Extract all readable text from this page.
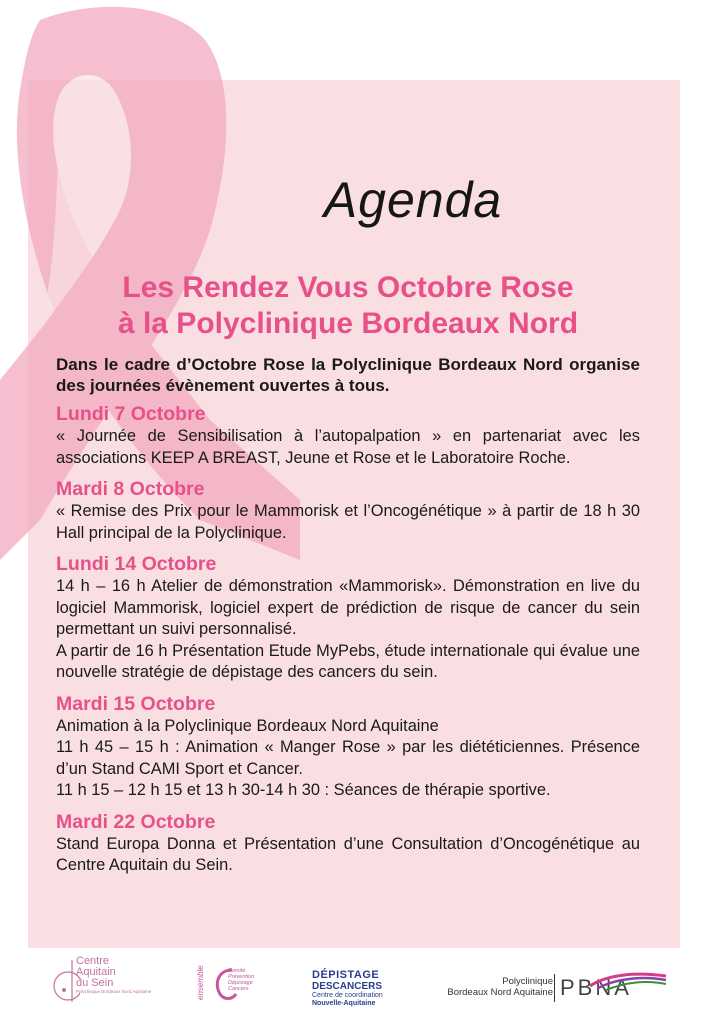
Agenda
Les Rendez Vous Octobre Rose
à la Polyclinique Bordeaux Nord

Dans le cadre d’Octobre Rose la Polyclinique Bordeaux Nord organise des journées évènement ouvertes à tous.

Lundi 7 Octobre

« Journée de Sensibilisation à l’autopalpation » en partenariat avec les associations KEEP A BREAST, Jeune et Rose et le Laboratoire Roche.

Mardi 8 Octobre

« Remise des Prix pour le Mammorisk et l’Oncogénétique » à partir de 18 h 30 Hall principal de la Polyclinique.

Lundi 14 Octobre

14 h – 16 h Atelier de démonstration «Mammorisk». Démonstration en live du logiciel Mammorisk, logiciel expert de prédiction de risque de cancer du sein permettant un suivi personnalisé.

A partir de 16 h Présentation Etude MyPebs, étude internationale qui évalue une nouvelle stratégie de dépistage des cancers du sein.

Mardi 15 Octobre

Animation à la Polyclinique Bordeaux Nord Aquitaine

11 h 45 – 15 h : Animation « Manger Rose » par les diététiciennes. Présence d’un Stand CAMI Sport et Cancer.

11 h 15 – 12 h 15 et 13 h 30-14 h 30 : Séances de thérapie sportive.

Mardi 22 Octobre

Stand Europa Donna et Présentation d’une Consultation d’Oncogénétique au Centre Aquitain du Sein.

Centre
Aquitain
du Sein
Polyclinique Bordeaux Nord Aquitaine	ensemble	Comité
Prévention
Dépistage
Cancers
DÉPISTAGE
DESCANCERS
Centre de coordination
Nouvelle-Aquitaine
Polyclinique
Bordeaux Nord Aquitaine PBNA
